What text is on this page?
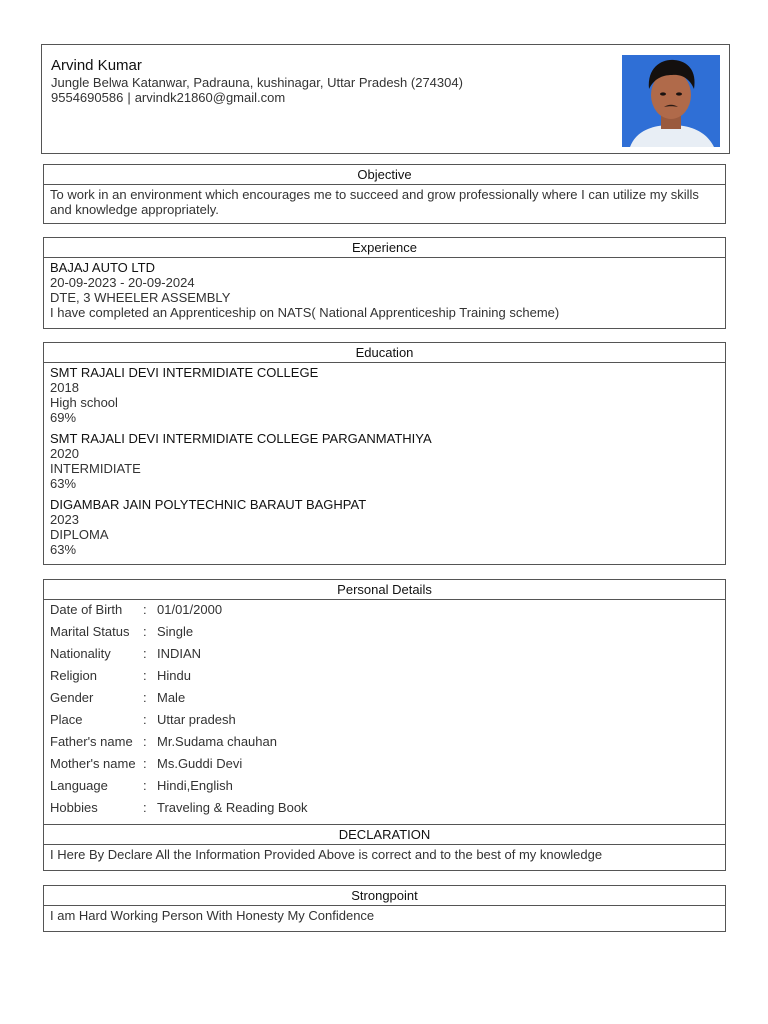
Arvind Kumar
Jungle Belwa Katanwar, Padrauna, kushinagar, Uttar Pradesh (274304)
9554690586 | arvindk21860@gmail.com
Objective
To work in an environment which encourages me to succeed and grow professionally where I can utilize my skills and knowledge appropriately.
Experience
BAJAJ AUTO LTD
20-09-2023 - 20-09-2024
DTE, 3 WHEELER ASSEMBLY
I have completed an Apprenticeship on NATS( National Apprenticeship Training scheme)
Education
SMT RAJALI DEVI INTERMIDIATE COLLEGE
2018
High school
69%
SMT RAJALI DEVI INTERMIDIATE COLLEGE PARGANMATHIYA
2020
INTERMIDIATE
63%
DIGAMBAR JAIN POLYTECHNIC BARAUT BAGHPAT
2023
DIPLOMA
63%
Personal Details
Date of Birth	: 01/01/2000
Marital Status	: Single
Nationality	: INDIAN
Religion	: Hindu
Gender	: Male
Place	: Uttar pradesh
Father's name : Mr.Sudama chauhan
Mother's name : Ms.Guddi Devi
Language	: Hindi,English
Hobbies	: Traveling & Reading Book
DECLARATION
I Here By Declare All the Information Provided Above is correct and to the best of my knowledge
Strongpoint
I am Hard Working Person With Honesty My Confidence
